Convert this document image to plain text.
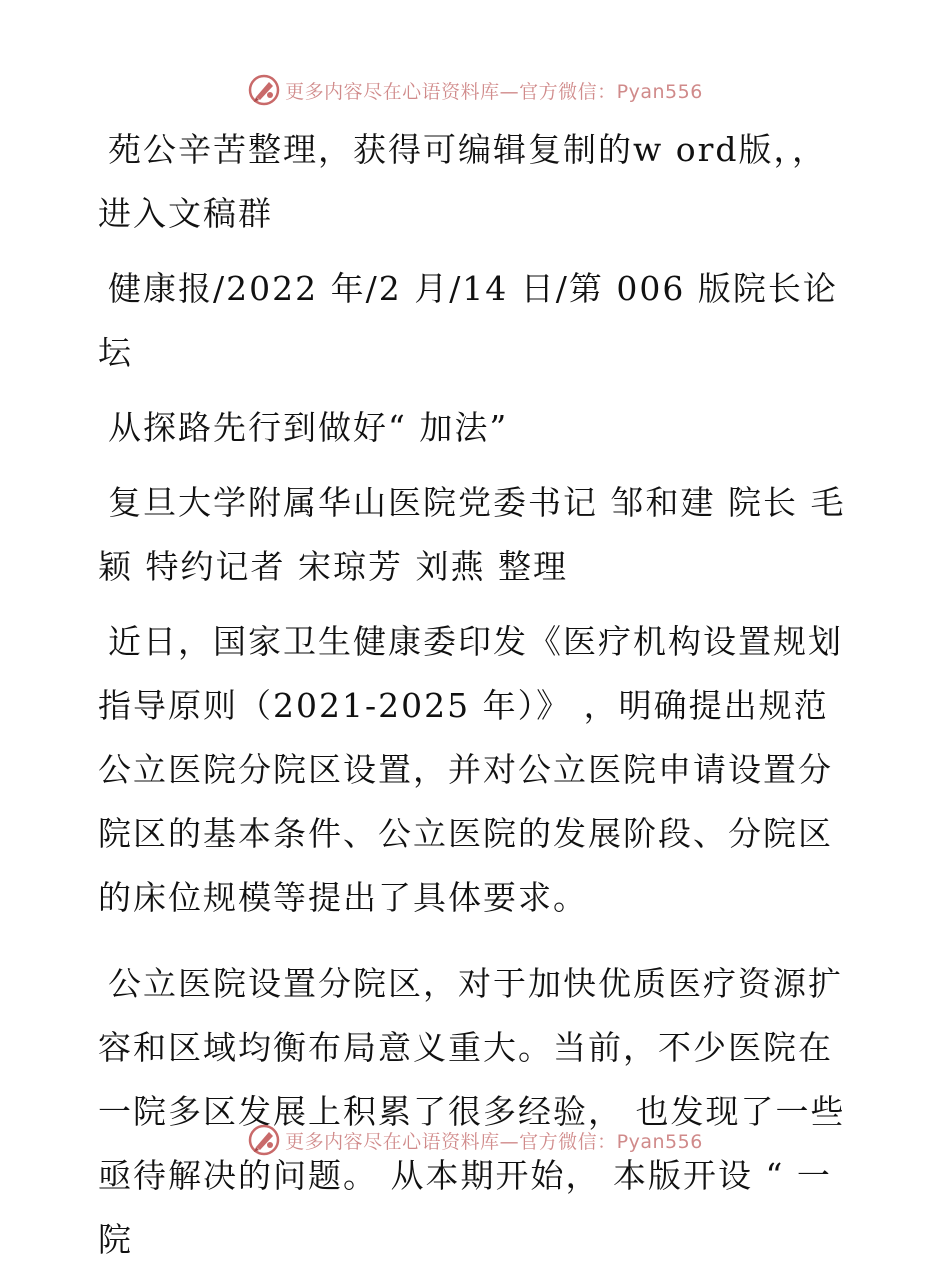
更多内容尽在心语资料库—官方微信：Pyan556

苑公辛苦整理，获得可编辑复制的w ord版，，进入文稿群

健康报/2022 年/2 月/14 日/第 006 版院长论坛

从探路先行到做好“ 加法”

复旦大学附属华山医院党委书记 邹和建 院长 毛颖 特约记者 宋琼芳 刘燕 整理

近日，国家卫生健康委印发《医疗机构设置规划指导原则（2021-2025 年）》 ，明确提出规范公立医院分院区设置，并对公立医院申请设置分院区的基本条件、公立医院的发展阶段、分院区的床位规模等提出了具体要求。

公立医院设置分院区，对于加快优质医疗资源扩容和区域均衡布局意义重大。当前，不少医院在一院多区发展上积累了很多经验， 也发现了一些亟待解决的问题。 从本期开始， 本版开设 “ 一院

更多内容尽在心语资料库—官方微信：Pyan556
